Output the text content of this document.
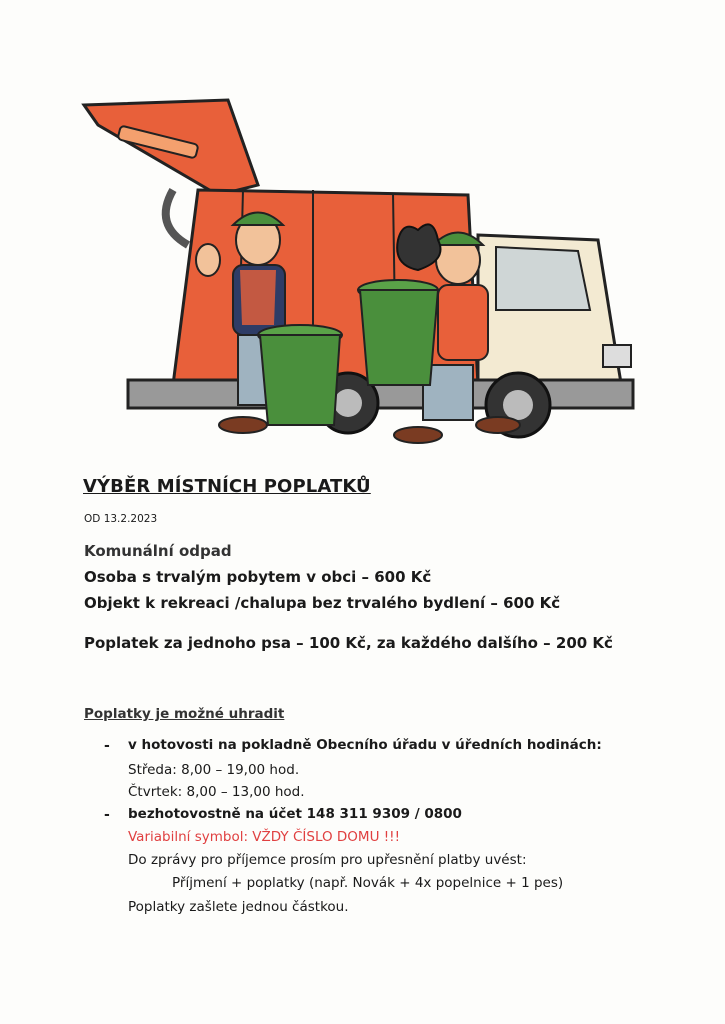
VÝBĚR MÍSTNÍCH POPLATKŮ
OD 13.2.2023
Komunální odpad
Osoba s trvalým pobytem v obci – 600 Kč
Objekt k rekreaci /chalupa bez trvalého bydlení – 600 Kč
Poplatek za jednoho psa – 100 Kč, za každého dalšího – 200 Kč
Poplatky je možné uhradit
- v hotovosti na pokladně Obecního úřadu v úředních hodinách:
Středa: 8,00 – 19,00 hod.
Čtvrtek: 8,00 – 13,00 hod.
- bezhotovostně na účet 148 311 9309 / 0800
Variabilní symbol: VŽDY ČÍSLO DOMU !!!
Do zprávy pro příjemce prosím pro upřesnění platby uvést:
Příjmení + poplatky (např. Novák + 4x popelnice + 1 pes)
Poplatky zašlete jednou částkou.
